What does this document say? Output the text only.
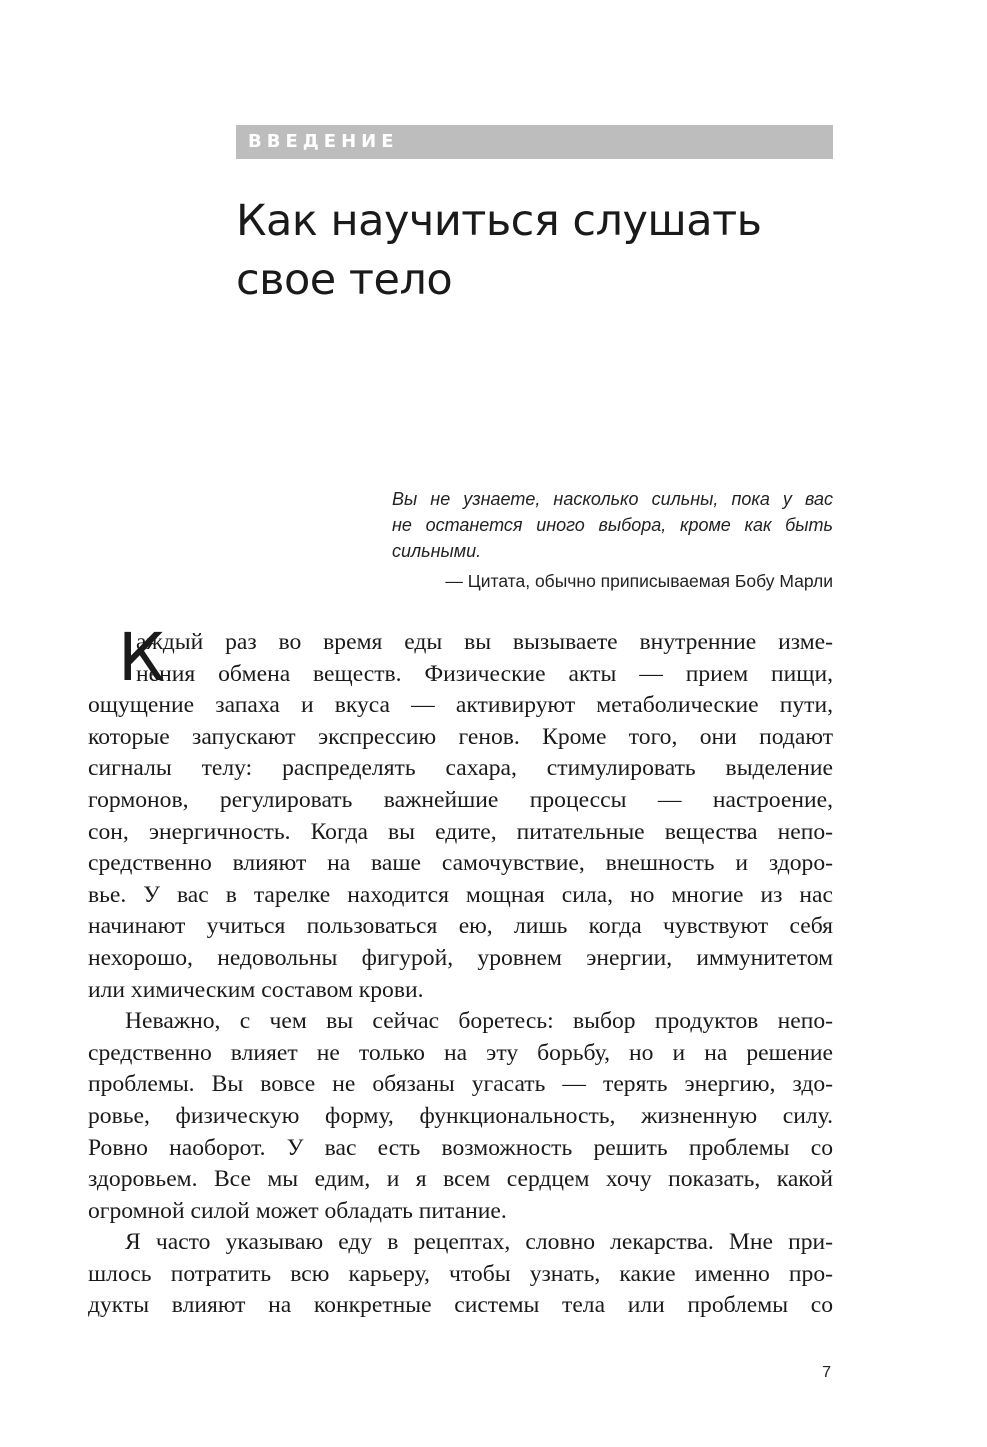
ВВЕДЕНИЕ
Как научиться слушать
свое тело
Вы не узнаете, насколько сильны, пока у вас
не останется иного выбора, кроме как быть
сильными.
— Цитата, обычно приписываемая Бобу Марли
К
аждый раз во время еды вы вызываете внутренние изме-
нения обмена веществ. Физические акты — прием пищи,
ощущение запаха и вкуса — активируют метаболические пути,
которые запускают экспрессию генов. Кроме того, они подают
сигналы телу: распределять сахара, стимулировать выделение
гормонов, регулировать важнейшие процессы — настроение,
сон, энергичность. Когда вы едите, питательные вещества непо-
средственно влияют на ваше самочувствие, внешность и здоро-
вье. У вас в тарелке находится мощная сила, но многие из нас
начинают учиться пользоваться ею, лишь когда чувствуют себя
нехорошо, недовольны фигурой, уровнем энергии, иммунитетом
или химическим составом крови.
Неважно, с чем вы сейчас боретесь: выбор продуктов непо-
средственно влияет не только на эту борьбу, но и на решение
проблемы. Вы вовсе не обязаны угасать — терять энергию, здо-
ровье, физическую форму, функциональность, жизненную силу.
Ровно наоборот. У вас есть возможность решить проблемы со
здоровьем. Все мы едим, и я всем сердцем хочу показать, какой
огромной силой может обладать питание.
Я часто указываю еду в рецептах, словно лекарства. Мне при-
шлось потратить всю карьеру, чтобы узнать, какие именно про-
дукты влияют на конкретные системы тела или проблемы со
7
